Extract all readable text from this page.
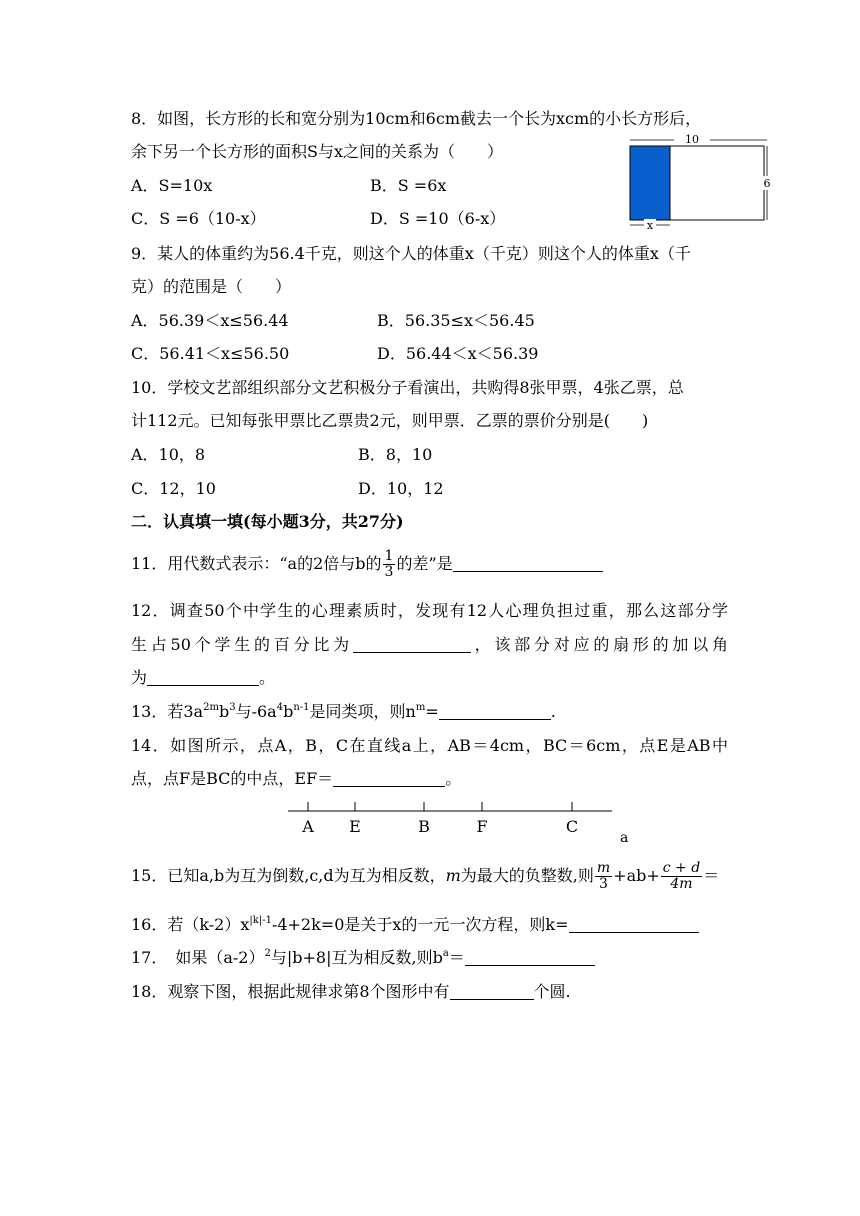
8．如图，长方形的长和宽分别为10cm和6cm截去一个长为xcm的小长方形后，
余下另一个长方形的面积S与x之间的关系为（　　）
A．S=10x	B．S =6x
C．S =6（10-x）	D．S =10（6-x）
10
6
x
9．某人的体重约为56.4千克，则这个人的体重x（千克）则这个人的体重x（千
克）的范围是（　　）
A．56.39＜x≤56.44	B．56.35≤x＜56.45
C．56.41＜x≤56.50	D．56.44＜x＜56.39
10．学校文艺部组织部分文艺积极分子看演出，共购得8张甲票，4张乙票，总
计112元。已知每张甲票比乙票贵2元，则甲票．乙票的票价分别是(　　)
A．10，8	B．8，10
C．12，10	D．10，12
二．认真填一填(每小题3分，共27分)
11．用代数式表示：“a的2倍与b的 $\frac{1}{3}$ 的差”是
12．调查50个中学生的心理素质时，发现有12人心理负担过重，那么这部分学
生占50个学生的百分比为	，该部分对应的扇形的加以角
为	。
13．若$3a^{2m}b^3$与$-6a^4b^{n-1}$是同类项，则$n^m=$	.
14．如图所示，点A，B，C在直线a上，AB＝4cm，BC＝6cm，点E是AB中
点，点F是BC的中点，EF＝	。
A E	B	F	C
a
15．已知a,b为互为倒数,c,d为互为相反数，m为最大的负整数,则 $\frac{m}{3} +ab+ \frac{c + d}{4m}$ ＝
16．若$(k-2)x^{|k|-1}-4+2k=0$是关于x的一元一次方程，则k=
17．　如果$(a-2)^2$与|b+8|互为相反数,则$b^a=$
18．观察下图，根据此规律求第8个图形中有	个圆.
